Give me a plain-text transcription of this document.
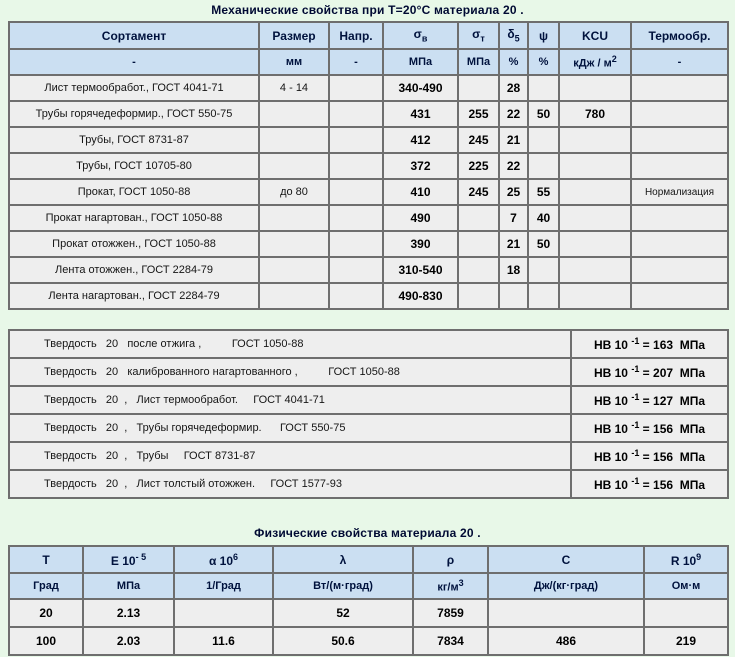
Механические свойства при Т=20°С материала 20 .
Сортамент	Размер	Напр.	$\sigma_в$	$\sigma_т$	$\delta_5$	ψ	KCU	Термообр.
-	мм	-	МПа	МПа	%	%	кДж / $м^2$	-
Лист термообработ., ГОСТ 4041-71	4 - 14		340-490		28			
Трубы горячедеформир., ГОСТ 550-75			431	255	22	50	780	
Трубы, ГОСТ 8731-87			412	245	21			
Трубы, ГОСТ 10705-80			372	225	22			
Прокат, ГОСТ 1050-88	до 80		410	245	25	55		Нормализация
Прокат нагартован., ГОСТ 1050-88			490		7	40		
Прокат отожжен., ГОСТ 1050-88			390		21	50		
Лента отожжен., ГОСТ 2284-79			310-540		18			
Лента нагартован., ГОСТ 2284-79			490-830					
Твердость   20   после отжига ,          ГОСТ 1050-88	HB 10 $^{-1}$ = 163  МПа
Твердость   20   калиброванного нагартованного ,          ГОСТ 1050-88	HB 10 $^{-1}$ = 207  МПа
Твердость   20  ,   Лист термообработ.     ГОСТ 4041-71	HB 10 $^{-1}$ = 127  МПа
Твердость   20  ,   Трубы горячедеформир.      ГОСТ 550-75	HB 10 $^{-1}$ = 156  МПа
Твердость   20  ,   Трубы     ГОСТ 8731-87	HB 10 $^{-1}$ = 156  МПа
Твердость   20  ,   Лист толстый отожжен.     ГОСТ 1577-93	HB 10 $^{-1}$ = 156  МПа
Физические свойства материала 20 .
Т	Е $10^{- 5}$	α $10^6$	λ	ρ	С	R $10^9$
Град	МПа	1/Град	Вт/(м·град)	$кг/м^3$	Дж/(кг·град)	Ом·м
20	2.13		52	7859		
100	2.03	11.6	50.6	7834	486	219
